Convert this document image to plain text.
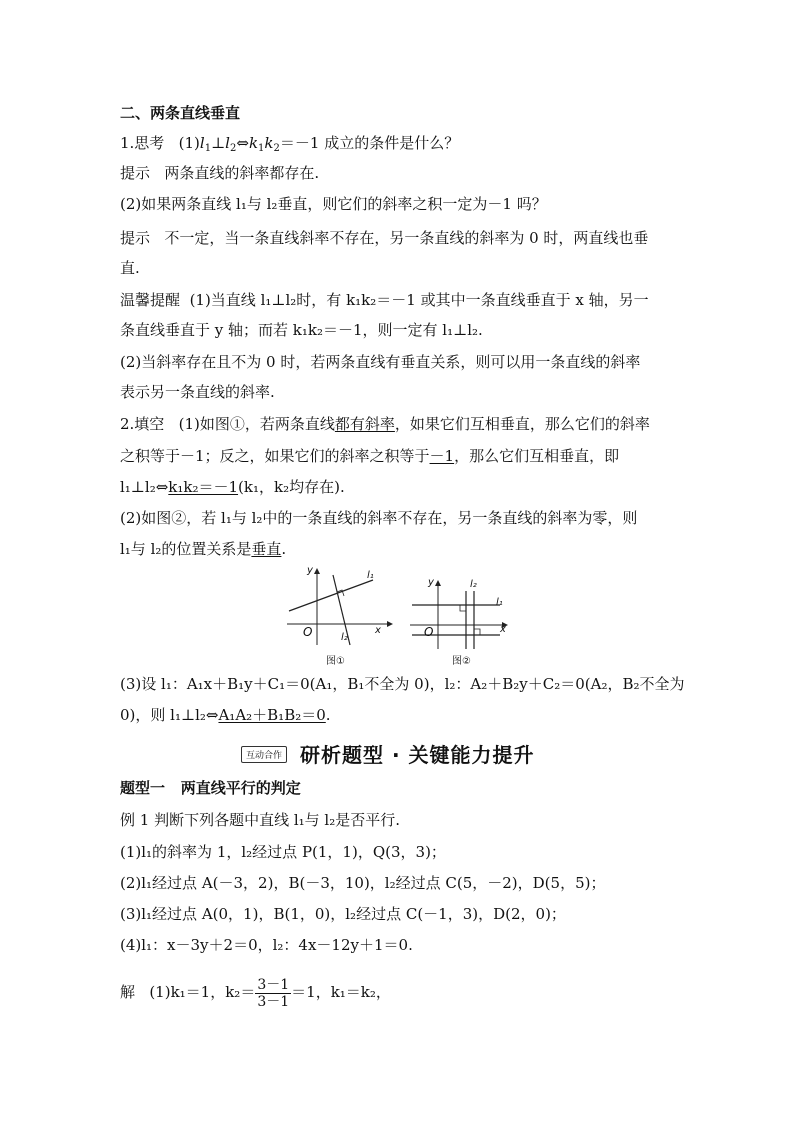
二、两条直线垂直
1.思考 $(1)l_1\perp l_2\Leftrightarrow k_1k_2=-1$ 成立的条件是什么？
提示 两条直线的斜率都存在.
(2)如果两条直线 l₁与 l₂垂直，则它们的斜率之积一定为－1 吗？
提示 不一定，当一条直线斜率不存在，另一条直线的斜率为 0 时，两直线也垂
直.
温馨提醒 (1)当直线 l₁⊥l₂时，有 k₁k₂＝－1 或其中一条直线垂直于 x 轴，另一
条直线垂直于 y 轴；而若 k₁k₂＝－1，则一定有 l₁⊥l₂.
(2)当斜率存在且不为 0 时，若两条直线有垂直关系，则可以用一条直线的斜率
表示另一条直线的斜率.
2.填空 (1)如图①，若两条直线都有斜率，如果它们互相垂直，那么它们的斜率
之积等于－1；反之，如果它们的斜率之积等于－1，那么它们互相垂直，即
l₁⊥l₂⇔k₁k₂＝－1(k₁，k₂均存在).
(2)如图②，若 l₁与 l₂中的一条直线的斜率不存在，另一条直线的斜率为零，则
l₁与 l₂的位置关系是垂直.
y
x
O
l₁
l₂
图①
y
x
O
l₁
l₂
图②
(3)设 l₁：A₁x＋B₁y＋C₁＝0(A₁，B₁不全为 0)，l₂：A₂＋B₂y＋C₂＝0(A₂，B₂不全为
0)，则 l₁⊥l₂⇔A₁A₂＋B₁B₂＝0.
互动合作 研析题型 · 关键能力提升
题型一 两直线平行的判定
例 1 判断下列各题中直线 l₁与 l₂是否平行.
(1)l₁的斜率为 1，l₂经过点 P(1，1)，Q(3，3)；
(2)l₁经过点 A(－3，2)，B(－3，10)，l₂经过点 C(5，－2)，D(5，5)；
(3)l₁经过点 A(0，1)，B(1，0)，l₂经过点 C(－1，3)，D(2，0)；
(4)l₁：x－3y＋2＝0，l₂：4x－12y＋1＝0.
解 (1)k₁＝1，$k_2= \frac{3-1}{3-1} =1$，k₁＝k₂，
